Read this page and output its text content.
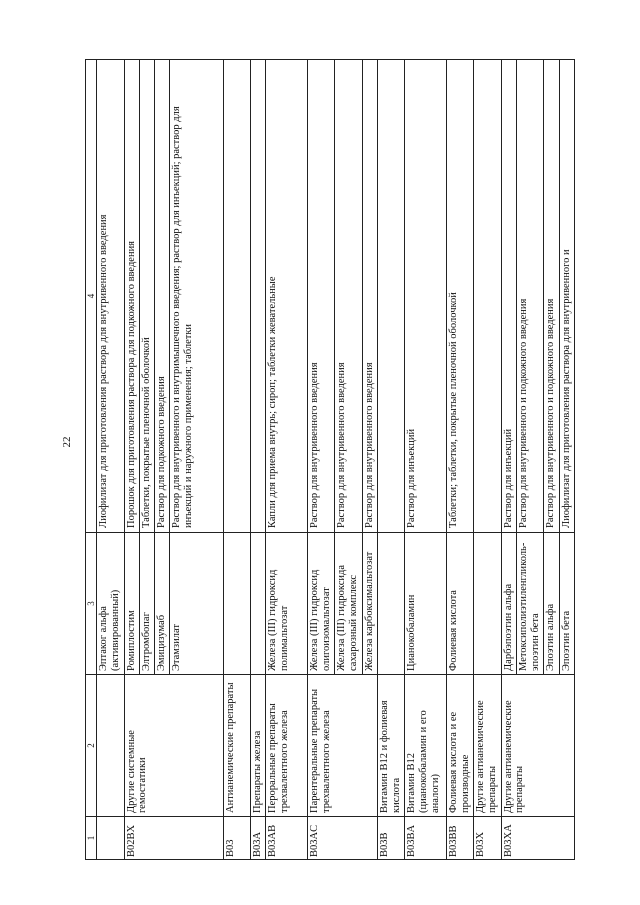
22
1	2	3	4
		Эптаког альфа (активированный)	Лиофилизат для приготовления раствора для внутривенного введения
B02BX	Другие системные гемостатики	Ромиплостим	Порошок для приготовления раствора для подкожного введения
		Элтромбопаг	Таблетки, покрытые пленочной оболочкой
		Эмицизумаб	Раствор для подкожного введения
		Этамзилат	Раствор для внутривенного и внутримышечного введения; раствор для инъекций; раствор для инъекций и наружного применения; таблетки
B03	Антианемические препараты		
B03A	Препараты железа		
B03AB	Пероральные препараты трехвалентного железа	Железа (III) гидроксид полимальтозат	Капли для приема внутрь; сироп; таблетки жевательные
B03AC	Парентеральные препараты трехвалентного железа	Железа (III) гидроксид олигоизомальтозат	Раствор для внутривенного введения
		Железа (III) гидроксида сахарозный комплекс	Раствор для внутривенного введения
		Железа карбоксимальтозат	Раствор для внутривенного введения
B03B	Витамин B12 и фолиевая кислота		
B03BA	Витамин B12 (цианокобаламин и его аналоги)	Цианокобаламин	Раствор для инъекций
B03BB	Фолиевая кислота и ее производные	Фолиевая кислота	Таблетки; таблетки, покрытые пленочной оболочкой
B03X	Другие антианемические препараты		
B03XA	Другие антианемические препараты	Дарбэпоэтин альфа	Раствор для инъекций
		Метоксиполиэтиленгликоль-эпоэтин бета	Раствор для внутривенного и подкожного введения
		Эпоэтин альфа	Раствор для внутривенного и подкожного введения
		Эпоэтин бета	Лиофилизат для приготовления раствора для внутривенного и
